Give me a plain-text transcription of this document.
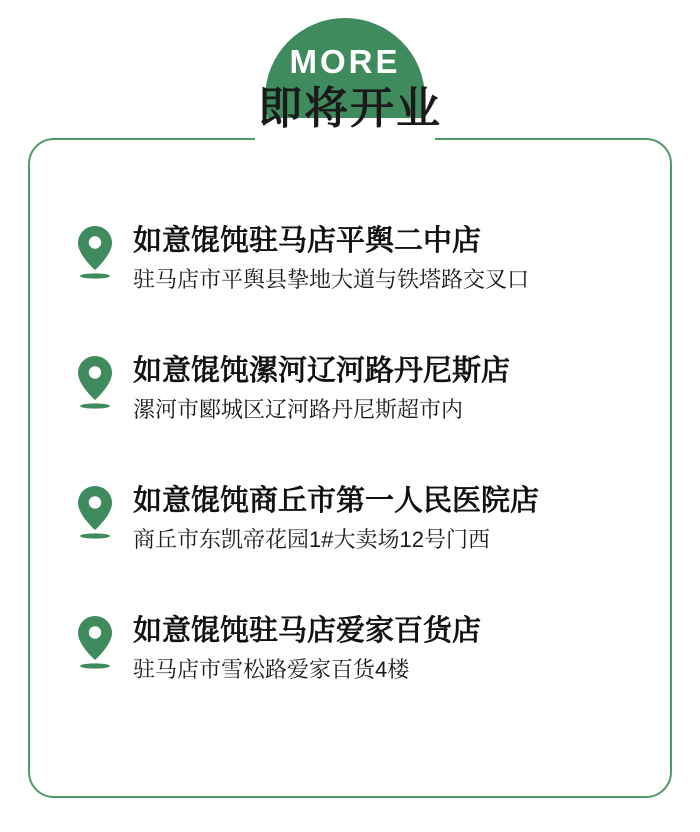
MORE
即将开业
如意馄饨驻马店平舆二中店
驻马店市平舆县挚地大道与铁塔路交叉口
如意馄饨漯河辽河路丹尼斯店
漯河市郾城区辽河路丹尼斯超市内
如意馄饨商丘市第一人民医院店
商丘市东凯帝花园1#大卖场12号门西
如意馄饨驻马店爱家百货店
驻马店市雪松路爱家百货4楼
